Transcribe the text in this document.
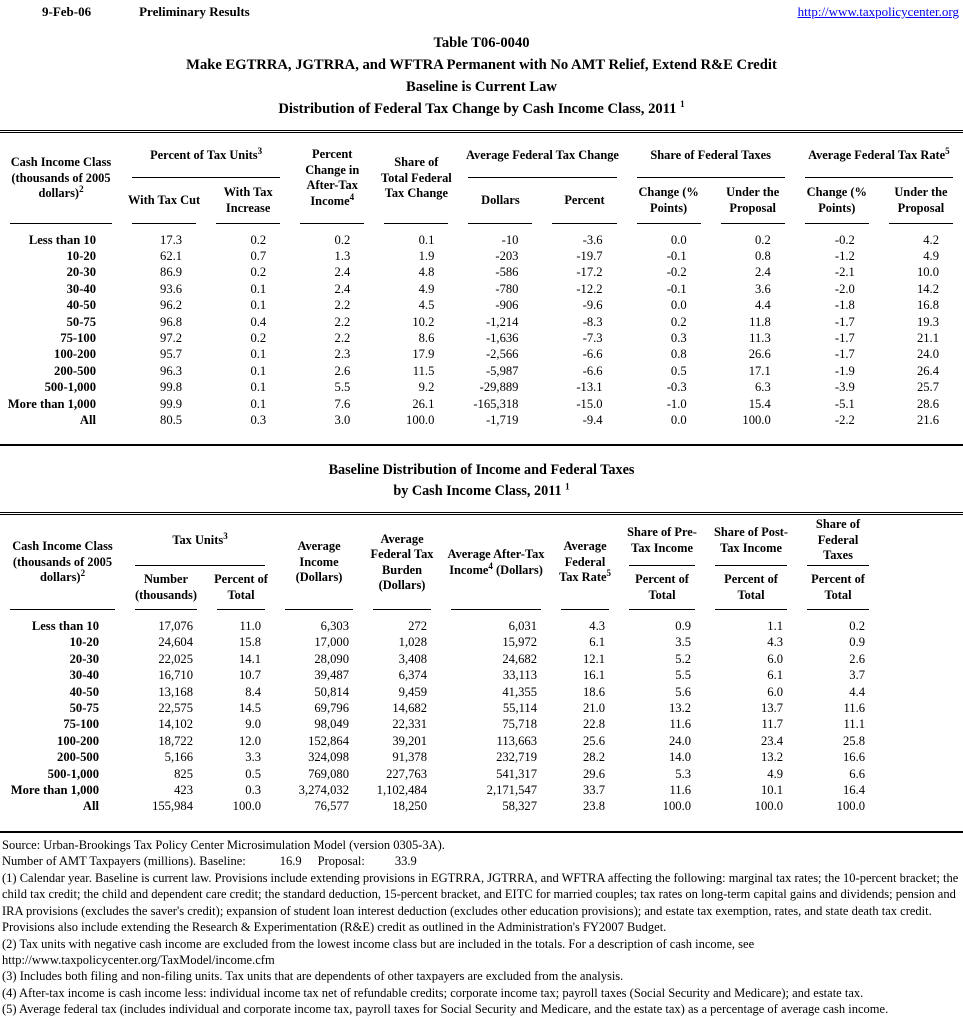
9-Feb-06	Preliminary Results	http://www.taxpolicycenter.org
Table T06-0040
Make EGTRRA, JGTRRA, and WFTRA Permanent with No AMT Relief, Extend R&E Credit
Baseline is Current Law
Distribution of Federal Tax Change by Cash Income Class, 2011 $^1$
Cash Income Class (thousands of 2005 dollars)$^2$	Percent of Tax Units$^3$		Percent Change in After-Tax Income$^4$	Share of Total Federal Tax Change	Average Federal Tax Change		Share of Federal Taxes		Average Federal Tax Rate$^5$
	With Tax Cut	With Tax Increase			Dollars	Percent	Change (% Points)	Under the Proposal	Change (% Points)	Under the Proposal
Less than 10	17.3	0.2	0.2	0.1	-10	-3.6	0.0	0.2	-0.2	4.2
10-20	62.1	0.7	1.3	1.9	-203	-19.7	-0.1	0.8	-1.2	4.9
20-30	86.9	0.2	2.4	4.8	-586	-17.2	-0.2	2.4	-2.1	10.0
30-40	93.6	0.1	2.4	4.9	-780	-12.2	-0.1	3.6	-2.0	14.2
40-50	96.2	0.1	2.2	4.5	-906	-9.6	0.0	4.4	-1.8	16.8
50-75	96.8	0.4	2.2	10.2	-1,214	-8.3	0.2	11.8	-1.7	19.3
75-100	97.2	0.2	2.2	8.6	-1,636	-7.3	0.3	11.3	-1.7	21.1
100-200	95.7	0.1	2.3	17.9	-2,566	-6.6	0.8	26.6	-1.7	24.0
200-500	96.3	0.1	2.6	11.5	-5,987	-6.6	0.5	17.1	-1.9	26.4
500-1,000	99.8	0.1	5.5	9.2	-29,889	-13.1	-0.3	6.3	-3.9	25.7
More than 1,000	99.9	0.1	7.6	26.1	-165,318	-15.0	-1.0	15.4	-5.1	28.6
All	80.5	0.3	3.0	100.0	-1,719	-9.4	0.0	100.0	-2.2	21.6
Baseline Distribution of Income and Federal Taxes
by Cash Income Class, 2011 $^1$
Cash Income Class (thousands of 2005 dollars)$^2$	Tax Units$^3$		Average Income (Dollars)	Average Federal Tax Burden (Dollars)	Average After-Tax Income$^4$ (Dollars)	Average Federal Tax Rate$^5$	Share of Pre-Tax Income	Share of Post-Tax Income	Share of Federal Taxes	
	Number (thousands)	Percent of Total					Percent of Total	Percent of Total	Percent of Total	
Less than 10	17,076	11.0	6,303	272	6,031	4.3	0.9	1.1	0.2	
10-20	24,604	15.8	17,000	1,028	15,972	6.1	3.5	4.3	0.9	
20-30	22,025	14.1	28,090	3,408	24,682	12.1	5.2	6.0	2.6	
30-40	16,710	10.7	39,487	6,374	33,113	16.1	5.5	6.1	3.7	
40-50	13,168	8.4	50,814	9,459	41,355	18.6	5.6	6.0	4.4	
50-75	22,575	14.5	69,796	14,682	55,114	21.0	13.2	13.7	11.6	
75-100	14,102	9.0	98,049	22,331	75,718	22.8	11.6	11.7	11.1	
100-200	18,722	12.0	152,864	39,201	113,663	25.6	24.0	23.4	25.8	
200-500	5,166	3.3	324,098	91,378	232,719	28.2	14.0	13.2	16.6	
500-1,000	825	0.5	769,080	227,763	541,317	29.6	5.3	4.9	6.6	
More than 1,000	423	0.3	3,274,032	1,102,484	2,171,547	33.7	11.6	10.1	16.4	
All	155,984	100.0	76,577	18,250	58,327	23.8	100.0	100.0	100.0	
Source: Urban-Brookings Tax Policy Center Microsimulation Model (version 0305-3A).
Number of AMT Taxpayers (millions). Baseline:	16.9 Proposal: 33.9
(1) Calendar year. Baseline is current law. Provisions include extending provisions in EGTRRA, JGTRRA, and WFTRA affecting the following: marginal tax rates; the 10-percent bracket; the child tax credit; the child and dependent care credit; the standard deduction, 15-percent bracket, and EITC for married couples; tax rates on long-term capital gains and dividends; pension and IRA provisions (excludes the saver's credit); expansion of student loan interest deduction (excludes other education provisions); and estate tax exemption, rates, and state death tax credit. Provisions also include extending the Research & Experimentation (R&E) credit as outlined in the Administration's FY2007 Budget.
(2) Tax units with negative cash income are excluded from the lowest income class but are included in the totals. For a description of cash income, see
http://www.taxpolicycenter.org/TaxModel/income.cfm
(3) Includes both filing and non-filing units. Tax units that are dependents of other taxpayers are excluded from the analysis.
(4) After-tax income is cash income less: individual income tax net of refundable credits; corporate income tax; payroll taxes (Social Security and Medicare); and estate tax.
(5) Average federal tax (includes individual and corporate income tax, payroll taxes for Social Security and Medicare, and the estate tax) as a percentage of average cash income.
